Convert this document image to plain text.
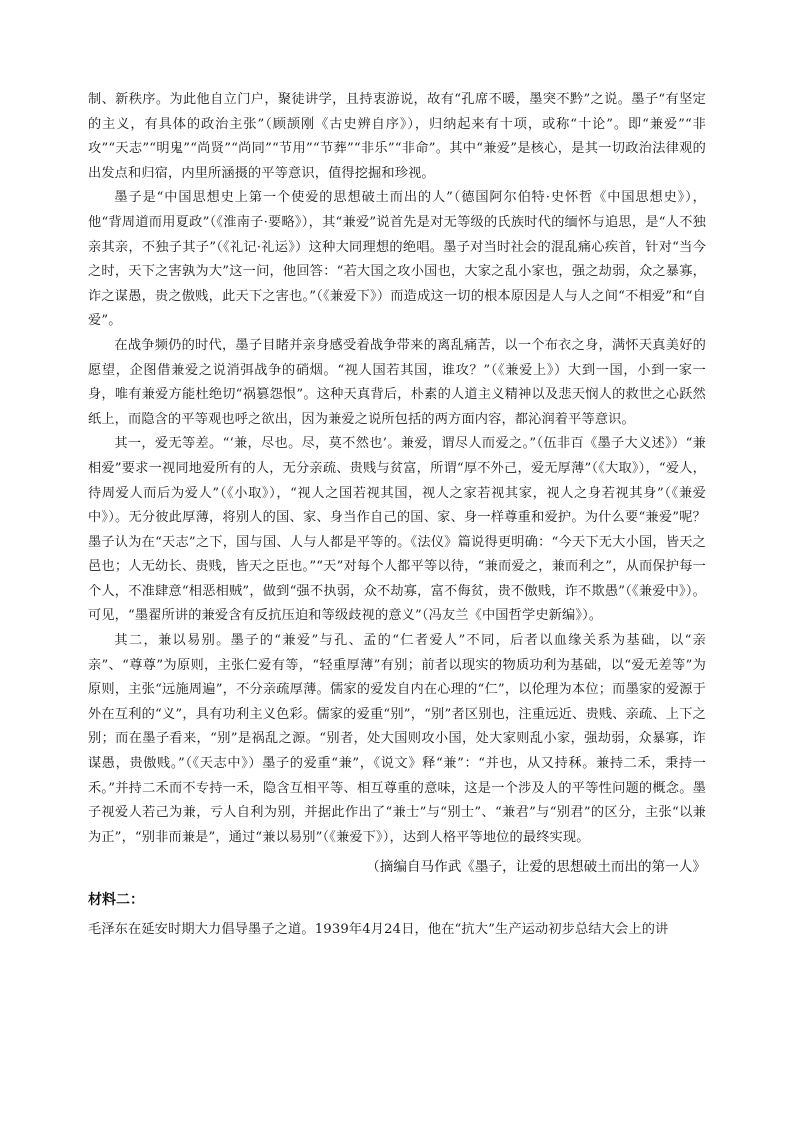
制、新秩序。为此他自立门户，聚徒讲学，且持衷游说，故有“孔席不暖，墨突不黔”之说。墨子“有坚定的主义，有具体的政治主张”（顾颉刚《古史辨自序》），归纳起来有十项，或称“十论”。即“兼爱”“非攻”“天志”“明鬼”“尚贤”“尚同”“节用”“节葬”“非乐”“非命”。其中“兼爱”是核心，是其一切政治法律观的出发点和归宿，内里所涵摄的平等意识，值得挖掘和珍视。

墨子是“中国思想史上第一个使爱的思想破土而出的人”（德国阿尔伯特·史怀哲《中国思想史》），他“背周道而用夏政”（《淮南子·要略》），其“兼爱”说首先是对无等级的氏族时代的缅怀与追思，是“人不独亲其亲，不独子其子”（《礼记·礼运》）这种大同理想的绝唱。墨子对当时社会的混乱痛心疾首，针对“当今之时，天下之害孰为大”这一问，他回答：“若大国之攻小国也，大家之乱小家也，强之劫弱，众之暴寡，诈之谋愚，贵之傲贱，此天下之害也。”（《兼爱下》）而造成这一切的根本原因是人与人之间“不相爱”和“自爱”。

在战争频仍的时代，墨子目睹并亲身感受着战争带来的离乱痛苦，以一个布衣之身，满怀天真美好的愿望，企图借兼爱之说消弭战争的硝烟。“视人国若其国，谁攻？”（《兼爱上》）大到一国，小到一家一身，唯有兼爱方能杜绝切“祸篡怨恨”。这种天真背后，朴素的人道主义精神以及悲天悯人的救世之心跃然纸上，而隐含的平等观也呼之欲出，因为兼爱之说所包括的两方面内容，都沁润着平等意识。

其一，爱无等差。“‘兼，尽也。尽，莫不然也’。兼爱，谓尽人而爱之。”（伍非百《墨子大义述》）“兼相爱”要求一视同地爱所有的人，无分亲疏、贵贱与贫富，所谓“厚不外己，爱无厚薄”（《大取》），“爱人，待周爱人而后为爱人”（《小取》），“视人之国若视其国，视人之家若视其家，视人之身若视其身”（《兼爱中》）。无分彼此厚薄，将别人的国、家、身当作自己的国、家、身一样尊重和爱护。为什么要“兼爱”呢？墨子认为在“天志”之下，国与国、人与人都是平等的。《法仪》篇说得更明确：“今天下无大小国，皆天之邑也；人无幼长、贵贱，皆天之臣也。”“天”对每个人都平等以待，“兼而爱之，兼而利之”，从而保护每一个人，不准肆意“相恶相贼”，做到“强不执弱，众不劫寡，富不侮贫，贵不傲贱，诈不欺愚”（《兼爱中》）。可见，“墨翟所讲的兼爱含有反抗压迫和等级歧视的意义”（冯友兰《中国哲学史新编》）。

其二，兼以易别。墨子的“兼爱”与孔、孟的“仁者爱人”不同，后者以血缘关系为基础，以“亲亲”、“尊尊”为原则，主张仁爱有等，“轻重厚薄”有别；前者以现实的物质功利为基础，以“爱无差等”为原则，主张“远施周遍”，不分亲疏厚薄。儒家的爱发自内在心理的“仁”，以伦理为本位；而墨家的爱源于外在互利的“义”，具有功利主义色彩。儒家的爱重“别”，“别”者区别也，注重远近、贵贱、亲疏、上下之别；而在墨子看来，“别”是祸乱之源。“别者，处大国则攻小国，处大家则乱小家，强劫弱，众暴寡，诈谋愚，贵傲贱。”（《天志中》）墨子的爱重“兼”，《说文》释“兼”：“并也，从又持秝。兼持二禾，秉持一禾。”并持二禾而不专持一禾，隐含互相平等、相互尊重的意味，这是一个涉及人的平等性问题的概念。墨子视爱人若己为兼，亏人自利为别，并据此作出了“兼士”与“别士”、“兼君”与“别君”的区分，主张“以兼为正”，“别非而兼是”，通过“兼以易别”（《兼爱下》），达到人格平等地位的最终实现。

（摘编自马作武《墨子，让爱的思想破土而出的第一人》

材料二：

毛泽东在延安时期大力倡导墨子之道。1939年4月24日，他在“抗大”生产运动初步总结大会上的讲
